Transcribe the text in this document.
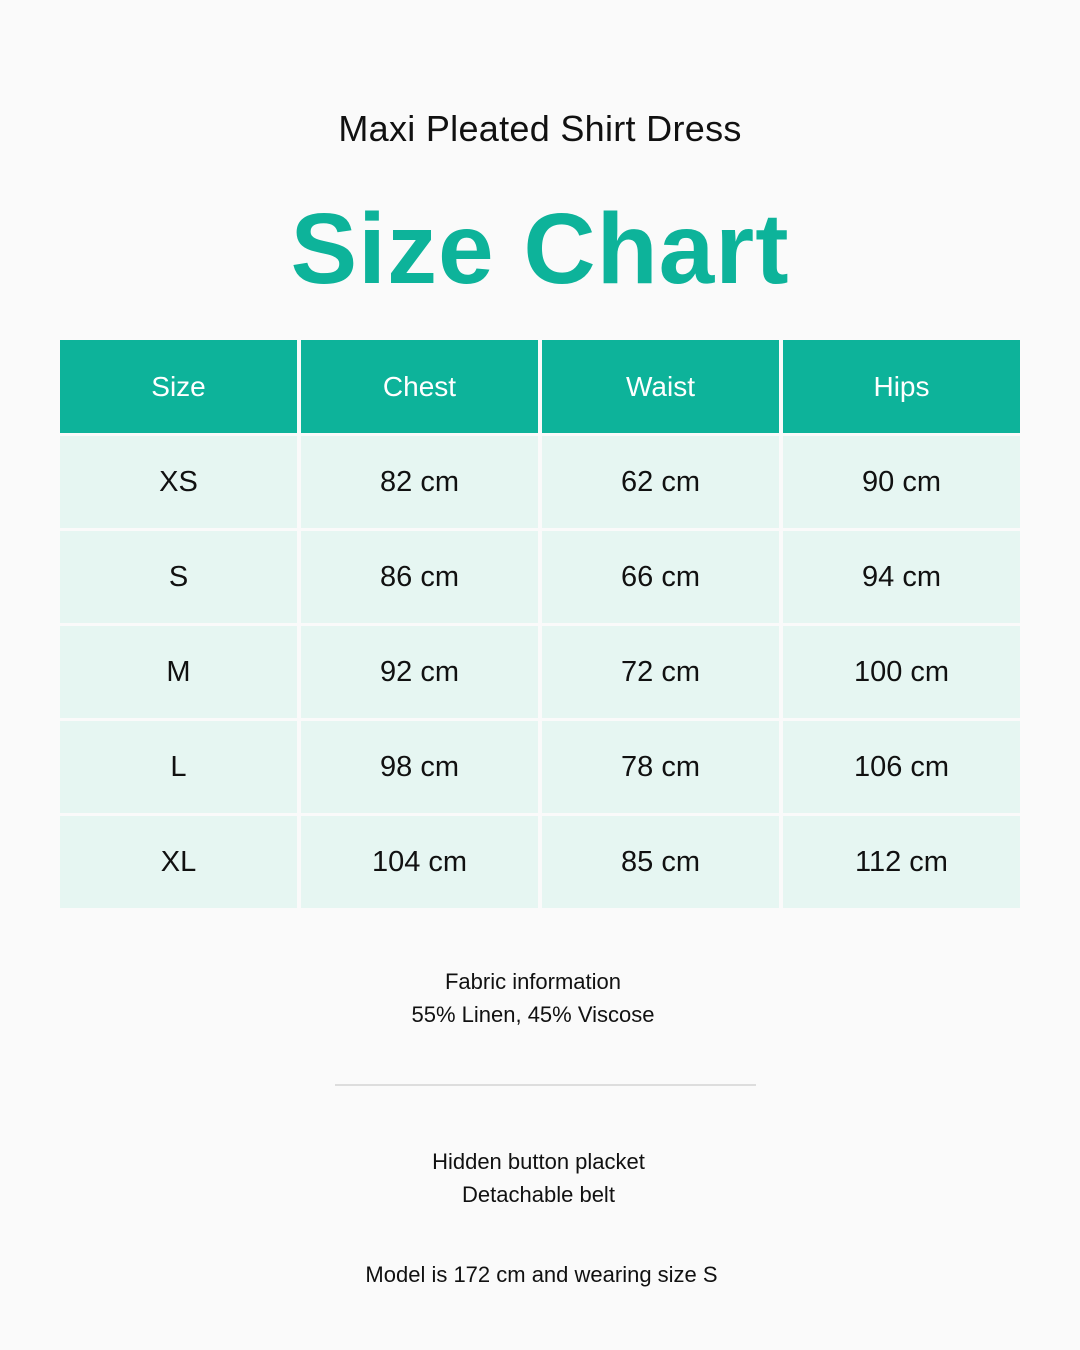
Maxi Pleated Shirt Dress
Size Chart
Size	Chest	Waist	Hips
XS	82 cm	62 cm	90 cm
S	86 cm	66 cm	94 cm
M	92 cm	72 cm	100 cm
L	98 cm	78 cm	106 cm
XL	104 cm	85 cm	112 cm
Fabric information
55% Linen, 45% Viscose
Hidden button placket
Detachable belt
Model is 172 cm and wearing size S
